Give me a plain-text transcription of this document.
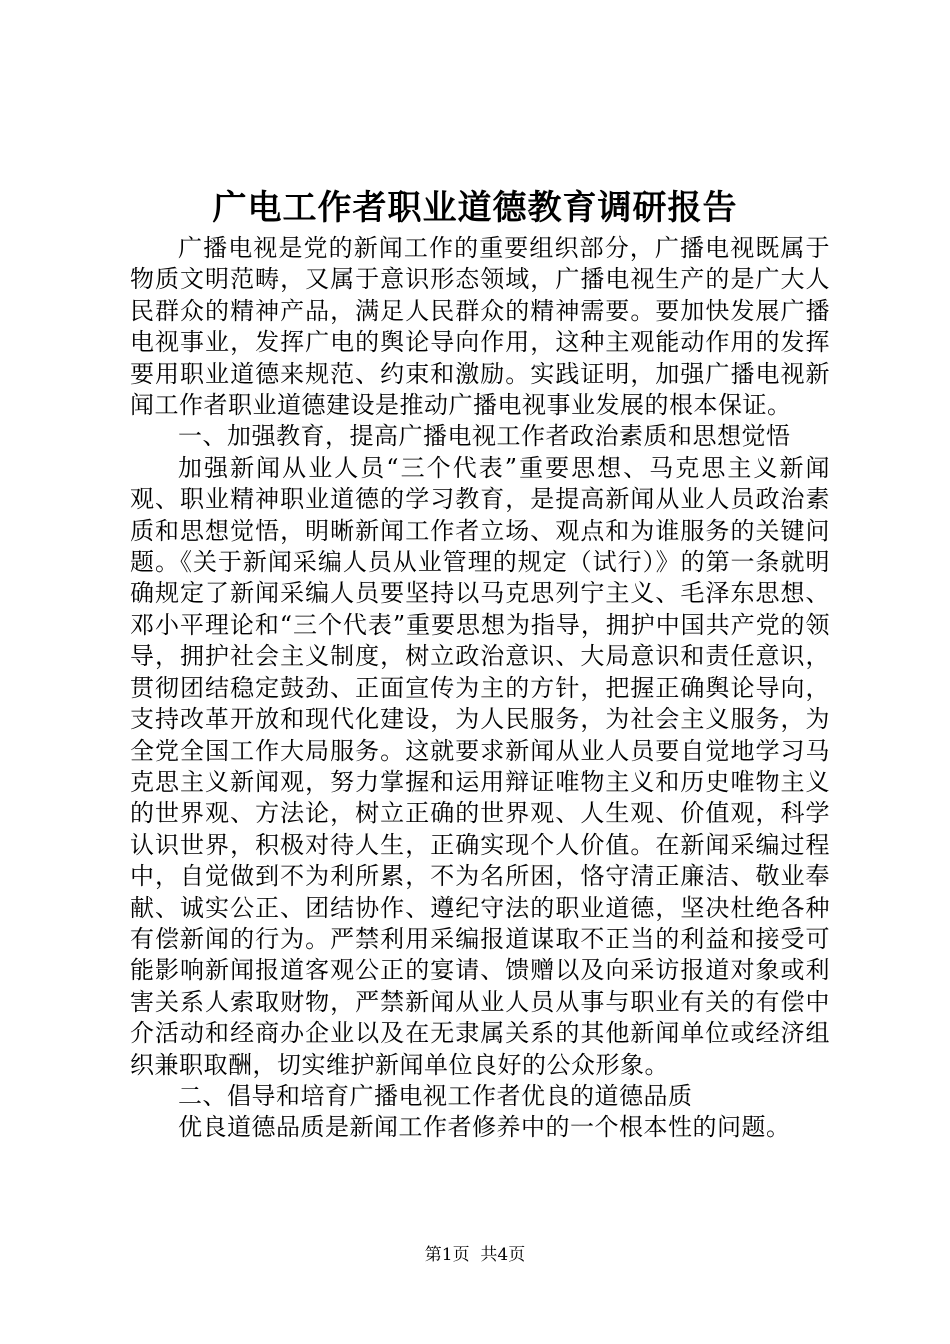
广电工作者职业道德教育调研报告

广播电视是党的新闻工作的重要组织部分，广播电视既属于物质文明范畴，又属于意识形态领域，广播电视生产的是广大人民群众的精神产品，满足人民群众的精神需要。要加快发展广播电视事业，发挥广电的舆论导向作用，这种主观能动作用的发挥要用职业道德来规范、约束和激励。实践证明，加强广播电视新闻工作者职业道德建设是推动广播电视事业发展的根本保证。

一、加强教育，提高广播电视工作者政治素质和思想觉悟

加强新闻从业人员“三个代表”重要思想、马克思主义新闻观、职业精神职业道德的学习教育，是提高新闻从业人员政治素质和思想觉悟，明晰新闻工作者立场、观点和为谁服务的关键问题。《关于新闻采编人员从业管理的规定（试行）》的第一条就明确规定了新闻采编人员要坚持以马克思列宁主义、毛泽东思想、邓小平理论和“三个代表”重要思想为指导，拥护中国共产党的领导，拥护社会主义制度，树立政治意识、大局意识和责任意识，贯彻团结稳定鼓劲、正面宣传为主的方针，把握正确舆论导向，支持改革开放和现代化建设，为人民服务，为社会主义服务，为全党全国工作大局服务。这就要求新闻从业人员要自觉地学习马克思主义新闻观，努力掌握和运用辩证唯物主义和历史唯物主义的世界观、方法论，树立正确的世界观、人生观、价值观，科学认识世界，积极对待人生，正确实现个人价值。在新闻采编过程中，自觉做到不为利所累，不为名所困，恪守清正廉洁、敬业奉献、诚实公正、团结协作、遵纪守法的职业道德，坚决杜绝各种有偿新闻的行为。严禁利用采编报道谋取不正当的利益和接受可能影响新闻报道客观公正的宴请、馈赠以及向采访报道对象或利害关系人索取财物，严禁新闻从业人员从事与职业有关的有偿中介活动和经商办企业以及在无隶属关系的其他新闻单位或经济组织兼职取酬，切实维护新闻单位良好的公众形象。

二、倡导和培育广播电视工作者优良的道德品质

优良道德品质是新闻工作者修养中的一个根本性的问题。

第1页 共4页
